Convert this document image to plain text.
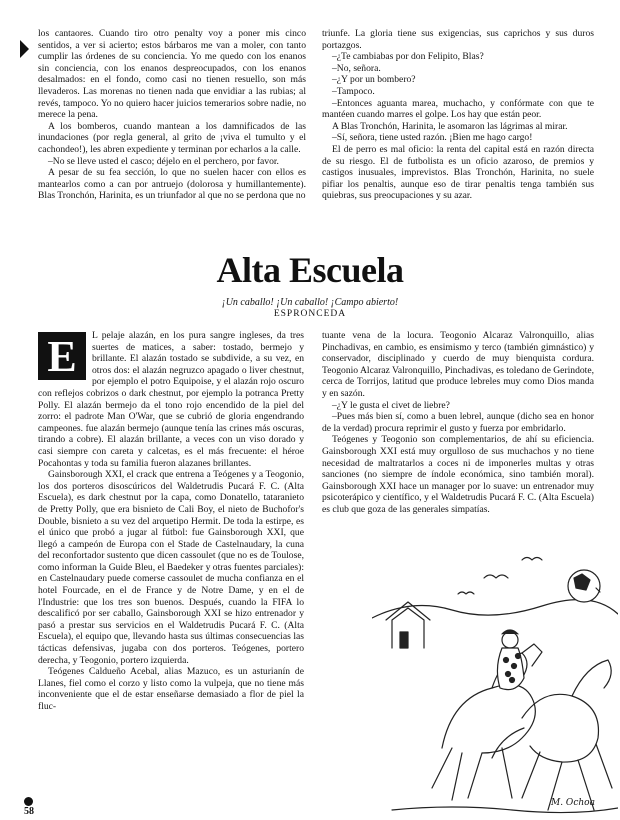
los cantaores. Cuando tiro otro penalty voy a poner mis cinco sentidos, a ver si acierto; estos bárbaros me van a moler, con tanto cumplir las órdenes de su conciencia. Yo me quedo con los enanos sin conciencia, con los enanos despreocupados, con los enanos desalmados: en el fondo, como casi no tienen resuello, son más llevaderos. Las morenas no tienen nada que envidiar a las rubias; al revés, tampoco. Yo no quiero hacer juicios temerarios sobre nadie, no merece la pena.

A los bomberos, cuando mantean a los damnificados de las inundaciones (por regla general, al grito de ¡viva el tumulto y el cachondeo!), les abren expediente y terminan por echarlos a la calle.

–No se lleve usted el casco; déjelo en el perchero, por favor.

A pesar de su fea sección, lo que no suelen hacer con ellos es mantearlos como a can por antruejo (dolorosa y humillantemente). Blas Tronchón, Harinita, es un triunfador al que no se perdona que no

triunfe. La gloria tiene sus exigencias, sus caprichos y sus duros portazgos.

–¿Te cambiabas por don Felipito, Blas?

–No, señora.

–¿Y por un bombero?

–Tampoco.

–Entonces aguanta marea, muchacho, y confórmate con que te mantéen cuando marres el golpe. Los hay que están peor.

A Blas Tronchón, Harinita, le asomaron las lágrimas al mirar.

–Sí, señora, tiene usted razón. ¡Bien me hago cargo!

El de perro es mal oficio: la renta del capital está en razón directa de su riesgo. El de futbolista es un oficio azaroso, de premios y castigos inusuales, imprevistos. Blas Tronchón, Harinita, no suele pifiar los penaltis, aunque eso de tirar penaltis tenga también sus quiebras, sus preocupaciones y su azar.

Alta Escuela
¡Un caballo! ¡Un caballo! ¡Campo abierto!
ESPRONCEDA

E	L pelaje alazán, en los pura sangre ingleses, da tres suertes de matices, a saber: tostado, bermejo y brillante. El alazán tostado se subdivide, a su vez, en otros dos: el alazán negruzco apagado o liver chestnut, por ejemplo el potro Equipoise, y el alazán rojo oscuro con reflejos cobrizos o dark chestnut, por ejemplo la potranca Pretty Polly. El alazán bermejo da el tono rojo encendido de la piel del zorro: el padrote Man O'War, que se cubrió de gloria engendrando campeones. fue alazán bermejo (aunque tenía las crines más oscuras, tirando a cobre). El alazán brillante, a veces con un viso dorado y casi siempre con careta y calcetas, es el más frecuente: el héroe Pocahontas y toda su familia fueron alazanes brillantes.

Gainsborough XXI, el crack que entrena a Teógenes y a Teogonio, los dos porteros disoscúricos del Waldetrudis Pucará F. C. (Alta Escuela), es dark chestnut por la capa, como Donatello, tataranieto de Pretty Polly, que era bisnieto de Cali Boy, el nieto de Buchofor's Double, bisnieto a su vez del arquetipo Hermit. De toda la estirpe, es el único que probó a jugar al fútbol: fue Gainsborough XXI, que llegó a campeón de Europa con el Stade de Castelnaudary, la cuna del reconfortador sustento que dicen cassoulet (que no es de Toulose, como informan la Guide Bleu, el Baedeker y otras fuentes parciales): en Castelnaudary puede comerse cassoulet de mucha confianza en el hotel Fourcade, en el de France y de Notre Dame, y en el de l'Industrie: que los tres son buenos. Después, cuando la FIFA lo descalificó por ser caballo, Gainsborough XXI se hizo entrenador y pasó a prestar sus servicios en el Waldetrudis Pucará F. C. (Alta Escuela), el equipo que, llevando hasta sus últimas consecuencias las tácticas defensivas, jugaba con dos porteros. Teógenes, portero derecha, y Teogonio, portero izquierda.

Teógenes Caldueño Acebal, alias Mazuco, es un asturianín de Llanes, fiel como el corzo y listo como la vulpeja, que no tiene más inconveniente que el de estar enseñarse demasiado a flor de piel la fluc-

tuante vena de la locura. Teogonio Alcaraz Valronquillo, alias Pinchadivas, en cambio, es ensimismo y terco (también gimnástico) y conservador, disciplinado y cuerdo de muy bienquista cordura. Teogonio Alcaraz Valronquillo, Pinchadivas, es toledano de Gerindote, cerca de Torrijos, latitud que produce lebreles muy como Dios manda y en sazón.

–¿Y le gusta el civet de liebre?

–Pues más bien sí, como a buen lebrel, aunque (dicho sea en honor de la verdad) procura reprimir el gusto y fuerza por embridarlo.

Teógenes y Teogonio son complementarios, de ahí su eficiencia. Gainsborough XXI está muy orgulloso de sus muchachos y no tiene necesidad de maltratarlos a coces ni de imponerles multas y otras sanciones (no siempre de índole económica, sino también moral). Gainsborough XXI hace un manager por lo suave: un entrenador muy psicoterápico y científico, y el Waldetrudis Pucará F. C. (Alta Escuela) es club que goza de las generales simpatías.

M. Ochoa
58
